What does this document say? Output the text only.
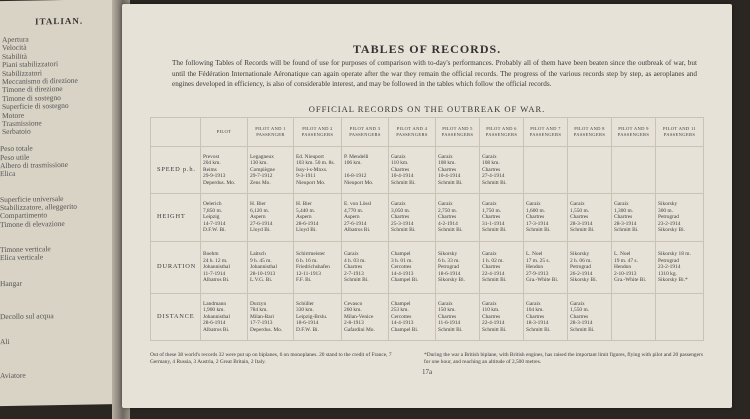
ITALIAN.
Apertura
Velocità
Stabilità
Piani stabilizzatori
Stabilizzatori
Meccanismo di direzione
Timone di direzione
Timone di sostegno
Superficie di sostegno
Motore
Trasmissione
Serbatoio
Peso totale
Peso utile
Albero di trasmissione
Elica
Superficie universale
Stabilizzatore, alleggerito
Compartimento
Timone di elevazione
Timone verticale
Elica verticale
Hangar
Decollo sul acqua
Ali
Aviatore
TABLES OF RECORDS.
The following Tables of Records will be found of use for purposes of comparison with to-day's performances. Probably all of them have been beaten since the outbreak of war, but until the Fédération Internationale Aéronatique can again operate after the war they remain the official records. The progress of the various records step by step, as aeroplanes and engines developed in efficiency, is also of considerable interest, and may be followed in the tables which follow the official records.
OFFICIAL RECORDS ON THE OUTBREAK OF WAR.
	PILOT	PILOT AND 1 PASSENGER	PILOT AND 2 PASSENGERS	PILOT AND 3 PASSENGERS	PILOT AND 4 PASSENGERS	PILOT AND 5 PASSENGERS	PILOT AND 6 PASSENGERS	PILOT AND 7 PASSENGERS	PILOT AND 8 PASSENGERS	PILOT AND 9 PASSENGERS	PILOT AND 11 PASSENGERS
SPEED p.h.	Prevost
204 km.
Reims
29-9-1913
Deperdus. Mo.	Legagneux
130 km.
Compiègne
29-7-1912
Zens Mo.	Ed. Nieuport
103 km. 50 m. 8s.
Issy-l-s-Mnxs.
9-3-1911
Nieuport Mo.	P. Mendelli
106 km.

16-8-1912
Nieuport Mo.	Garaix
110 km.
Chartres
10-4-1914
Schmitt Bi.	Garaix
108 km.
Chartres
10-4-1914
Schmitt Bi.	Garaix
108 km.
Chartres
27-4-1914
Schmitt Bi.				
HEIGHT	Oelerich
7,850 m.
Leipzig
14-7-1914
D.F.W. Bi.	H. Bier
6,120 m.
Aspern
27-6-1914
Lloyd Bi.	H. Bier
5,440 m.
Aspern
28-6-1914
Lloyd Bi.	E. von Lössl
4,770 m.
Aspern
27-6-1914
Albatros Bi.	Garaix
3,050 m.
Chartres
25-3-1914
Schmitt Bi.	Garaix
2,750 m.
Chartres
4-2-1914
Schmitt Bi.	Garaix
1,750 m.
Chartres
31-1-1914
Schmitt Bi.	Garaix
1,600 m.
Chartres
17-3-1914
Schmitt Bi.	Garaix
1,550 m.
Chartres
28-3-1914
Schmitt Bi.	Garaix
1,300 m.
Chartres
28-3-1914
Schmitt Bi.	Sikorsky
300 m.
Petrograd
23-2-1914
Sikorsky Bi.
DURATION	Boehm
24 h. 12 m.
Johannisthal
11-7-1914
Albatros Bi.	Laitsch
9 h. 45 m.
Johannisthal
28-10-1913
L.V.G. Bi.	Schirrmeister
6 h. 16 m.
Friedrichshafen
12-11-1913
F.F. Bi.	Garaix
4 h. 03 m.
Chartres
2-7-1913
Schmitt Bi.	Champel
3 h. 01 m.
Cercottes
14-4-1913
Champel Bi.	Sikorsky
6 h. 33 m.
Petrograd
18-6-1914
Sikorsky Bi.	Garaix
1 h. 02 m.
Chartres
22-4-1914
Schmitt Bi.	L. Noel
17 m. 25 s.
Hendon
27-9-1913
Gra.-White Bi.	Sikorsky
2 h. 06 m.
Petrograd
26-2-1914
Sikorsky Bi.	L. Noel
19 m. 47 s.
Hendon
2-10-1913
Gra.-White Bi.	Sikorsky 18 m.
Petrograd
23-2-1914
1310 kg.
Sikorsky Bi.*
DISTANCE	Landmann
1,900 km.
Johannisthal
28-6-1914
Albatros Bi.	Durzyn
784 km.
Milan-Bari
17-7-1913
Deperdus. Mo.	Schüller
330 km.
Leipzig-Brslu.
18-6-1914
D.F.W. Bi.	Cevasco
260 km.
Milan-Venice
2-8-1913
Gafardini Mo.	Champel
253 km.
Cercottes
14-4-1913
Champel Bi.	Garaix
150 km.
Chartres
11-6-1914
Schmitt Bi.	Garaix
110 km.
Chartres
22-4-1914
Schmitt Bi.	Garaix
104 km.
Chartres
18-3-1914
Schmitt Bi.	Garaix
1,550 m.
Chartres
28-3-1914
Schmitt Bi.		
Out of these 38 world's records 32 were put up on biplanes, 6 on monoplanes. 20 stand to the credit of France, 7 Germany, 4 Russia, 3 Austria, 2 Great Britain, 2 Italy.
*During the war a British biplane, with British engines, has raised the important limit figures, flying with pilot and 20 passengers for one hour, and reaching an altitude of 2,500 metres.
17a
